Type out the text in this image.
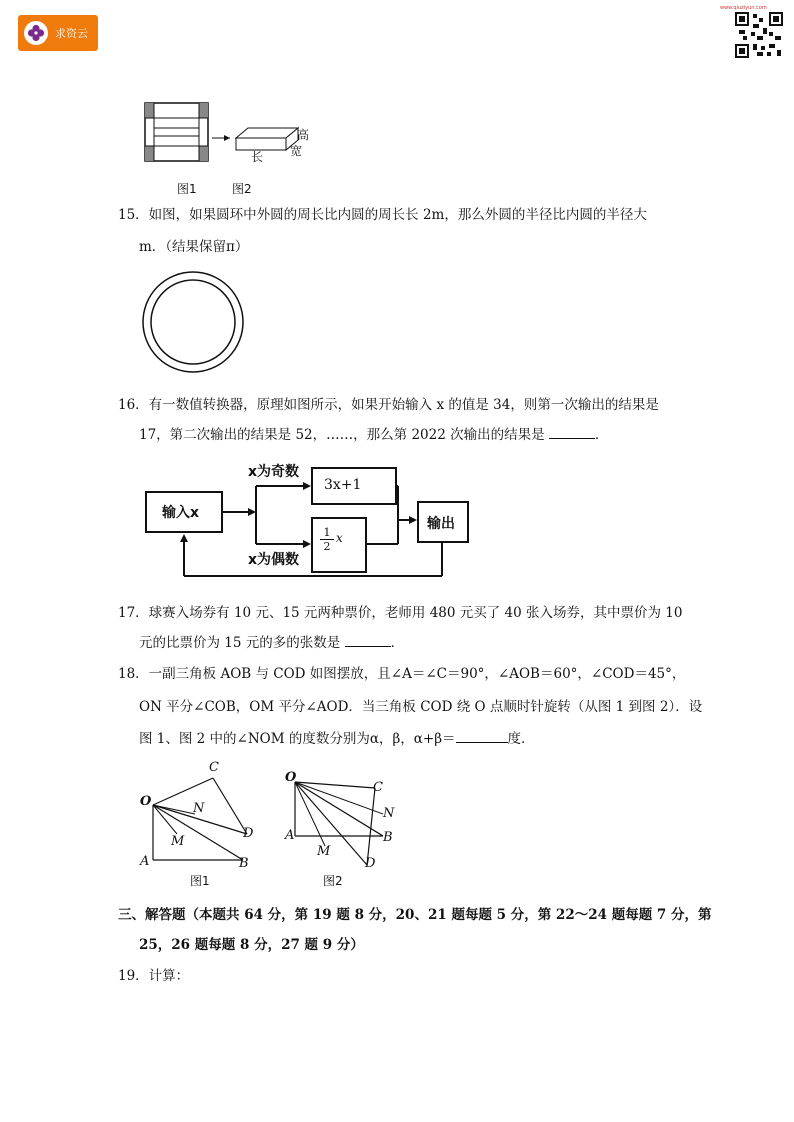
求资云
www.qiuziyun.com
高
宽
长
图1	图2
15．如图，如果圆环中外圆的周长比内圆的周长长 2m，那么外圆的半径比内圆的半径大
m．（结果保留π）
16．有一数值转换器，原理如图所示，如果开始输入 x 的值是 34，则第一次输出的结果是
17，第二次输出的结果是 52，……，那么第 2022 次输出的结果是	．
输入x
x为奇数
x为偶数
3x+1
$\frac{1}{2}$ x
输出
17．球赛入场券有 10 元、15 元两种票价，老师用 480 元买了 40 张入场券，其中票价为 10
元的比票价为 15 元的多的张数是	．
18．一副三角板 AOB 与 COD 如图摆放，且∠A＝∠C＝90°，∠AOB＝60°，∠COD＝45°，
ON 平分∠COB，OM 平分∠AOD．当三角板 COD 绕 O 点顺时针旋转（从图 1 到图 2）．设
图 1、图 2 中的∠NOM 的度数分别为α，β，α+β＝	度．
O
C
N
D
M
A	B
图1
O
C
N
A	B
M
D
图2
三、解答题（本题共 64 分，第 19 题 8 分，20、21 题每题 5 分，第 22～24 题每题 7 分，第
25，26 题每题 8 分，27 题 9 分）
19．计算：
